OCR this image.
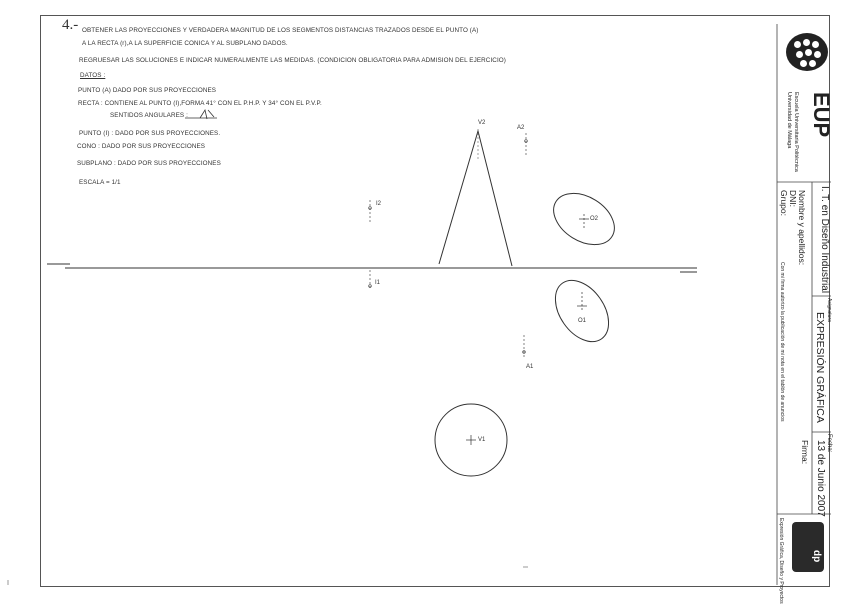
4.- OBTENER LAS PROYECCIONES Y VERDADERA MAGNITUD DE LOS SEGMENTOS DISTANCIAS TRAZADOS DESDE EL PUNTO (A)
A LA RECTA (r),A LA SUPERFICIE CONICA Y AL SUBPLANO DADOS.
REGRUESAR LAS SOLUCIONES E INDICAR NUMERALMENTE LAS MEDIDAS. (CONDICION OBLIGATORIA PARA ADMISION DEL EJERCICIO)
DATOS :
PUNTO (A) DADO POR SUS PROYECCIONES
RECTA : CONTIENE AL PUNTO (I),FORMA 41° CON EL P.H.P. Y 34° CON EL P.V.P.
SENTIDOS ANGULARES :
PUNTO (I) : DADO POR SUS PROYECCIONES.
CONO : DADO POR SUS PROYECCIONES
SUBPLANO : DADO POR SUS PROYECCIONES
ESCALA = 1/1
V2
A2
I2
I1
O2
O1
A1
V1
EUP
Escuela Universitaria Politécnica
Universidad de Málaga
I. T. en Diseño Industrial
Nombre y apellidos:
DNI:
Grupo:
Con mi firma autorizo la publicación de mi nota en el tablón de anuncios	Asignatura
EXPRESIÓN GRÁFICA
Fecha:
13 de Junio 2007
Firma:
Expresión Gráfica, Diseño y Proyectos	dp
